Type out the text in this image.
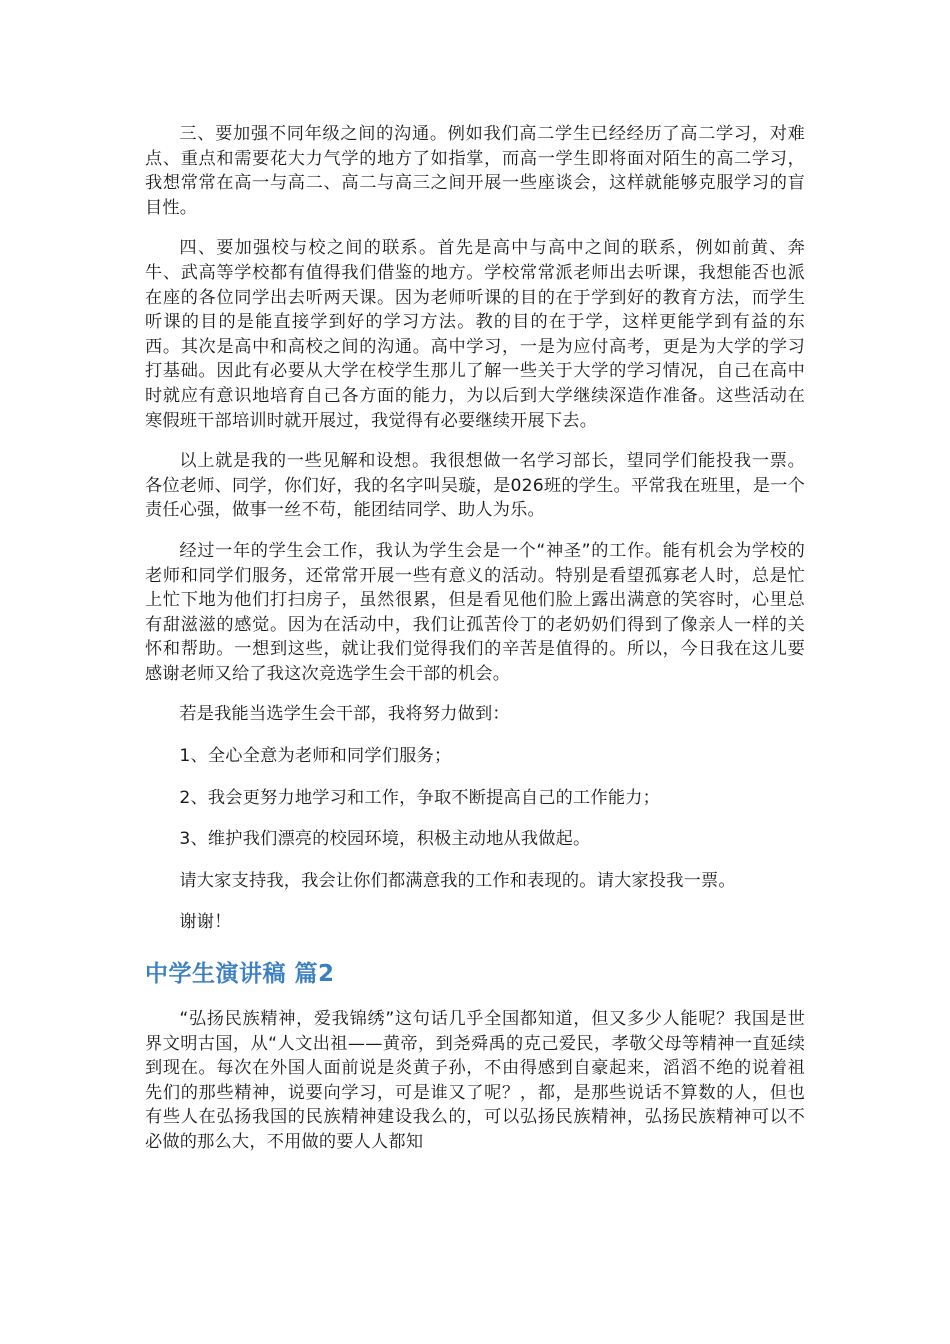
三、要加强不同年级之间的沟通。例如我们高二学生已经经历了高二学习，对难点、重点和需要花大力气学的地方了如指掌，而高一学生即将面对陌生的高二学习，我想常常在高一与高二、高二与高三之间开展一些座谈会，这样就能够克服学习的盲目性。

四、要加强校与校之间的联系。首先是高中与高中之间的联系，例如前黄、奔牛、武高等学校都有值得我们借鉴的地方。学校常常派老师出去听课，我想能否也派在座的各位同学出去听两天课。因为老师听课的目的在于学到好的教育方法，而学生听课的目的是能直接学到好的学习方法。教的目的在于学，这样更能学到有益的东西。其次是高中和高校之间的沟通。高中学习，一是为应付高考，更是为大学的学习打基础。因此有必要从大学在校学生那儿了解一些关于大学的学习情况，自己在高中时就应有意识地培育自己各方面的能力，为以后到大学继续深造作准备。这些活动在寒假班干部培训时就开展过，我觉得有必要继续开展下去。

以上就是我的一些见解和设想。我很想做一名学习部长，望同学们能投我一票。各位老师、同学，你们好，我的名字叫吴璇，是026班的学生。平常我在班里，是一个责任心强，做事一丝不苟，能团结同学、助人为乐。

经过一年的学生会工作，我认为学生会是一个“神圣”的工作。能有机会为学校的老师和同学们服务，还常常开展一些有意义的活动。特别是看望孤寡老人时，总是忙上忙下地为他们打扫房子，虽然很累，但是看见他们脸上露出满意的笑容时，心里总有甜滋滋的感觉。因为在活动中，我们让孤苦伶丁的老奶奶们得到了像亲人一样的关怀和帮助。一想到这些，就让我们觉得我们的辛苦是值得的。所以，今日我在这儿要感谢老师又给了我这次竞选学生会干部的机会。

若是我能当选学生会干部，我将努力做到：

1、全心全意为老师和同学们服务；

2、我会更努力地学习和工作，争取不断提高自己的工作能力；

3、维护我们漂亮的校园环境，积极主动地从我做起。

请大家支持我，我会让你们都满意我的工作和表现的。请大家投我一票。

谢谢！

中学生演讲稿 篇2

“弘扬民族精神，爱我锦绣”这句话几乎全国都知道，但又多少人能呢？我国是世界文明古国，从“人文出祖——黄帝，到尧舜禹的克己爱民，孝敬父母等精神一直延续到现在。每次在外国人面前说是炎黄子孙，不由得感到自豪起来，滔滔不绝的说着祖先们的那些精神，说要向学习，可是谁又了呢？，都，是那些说话不算数的人，但也有些人在弘扬我国的民族精神建设我么的，可以弘扬民族精神，弘扬民族精神可以不必做的那么大，不用做的要人人都知
